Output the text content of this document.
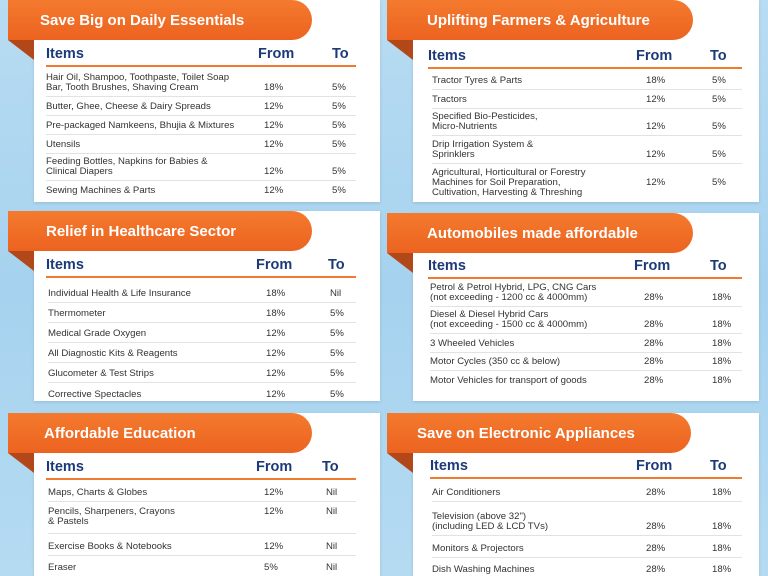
Save Big on Daily Essentials
Items	From	To
Hair Oil, Shampoo, Toothpaste, Toilet Soap
Bar, Tooth Brushes, Shaving Cream	18%	5%
Butter, Ghee, Cheese & Dairy Spreads	12%	5%
Pre-packaged Namkeens, Bhujia & Mixtures	12%	5%
Utensils	12%	5%
Feeding Bottles, Napkins for Babies &
Clinical Diapers	12%	5%
Sewing Machines & Parts	12%	5%
Uplifting Farmers & Agriculture
Items	From	To
Tractor Tyres & Parts	18%	5%
Tractors	12%	5%
Specified Bio-Pesticides,
Micro-Nutrients	12%	5%
Drip Irrigation System &
Sprinklers	12%	5%
Agricultural, Horticultural or Forestry
Machines for Soil Preparation,
Cultivation, Harvesting & Threshing
12%	5%
Relief in Healthcare Sector
Items	From	To
Individual Health & Life Insurance	18%	Nil
Thermometer	18%	5%
Medical Grade Oxygen	12%	5%
All Diagnostic Kits & Reagents	12%	5%
Glucometer & Test Strips	12%	5%
Corrective Spectacles	12%	5%
Automobiles made affordable
Items	From	To
Petrol & Petrol Hybrid, LPG, CNG Cars
(not exceeding - 1200 cc & 4000mm)	28%	18%
Diesel & Diesel Hybrid Cars
(not exceeding - 1500 cc & 4000mm)	28%	18%
3 Wheeled Vehicles	28%	18%
Motor Cycles (350 cc & below)	28%	18%
Motor Vehicles for transport of goods	28%	18%
Affordable Education
Items	From	To
Maps, Charts & Globes	12%	Nil
Pencils, Sharpeners, Crayons
& Pastels
12%	Nil
Exercise Books & Notebooks	12%	Nil
Eraser	5%	Nil
Save on Electronic Appliances
Items	From	To
Air Conditioners	28%	18%
Television (above 32")
(including LED & LCD TVs)	28%	18%
Monitors & Projectors	28%	18%
Dish Washing Machines	28%	18%
